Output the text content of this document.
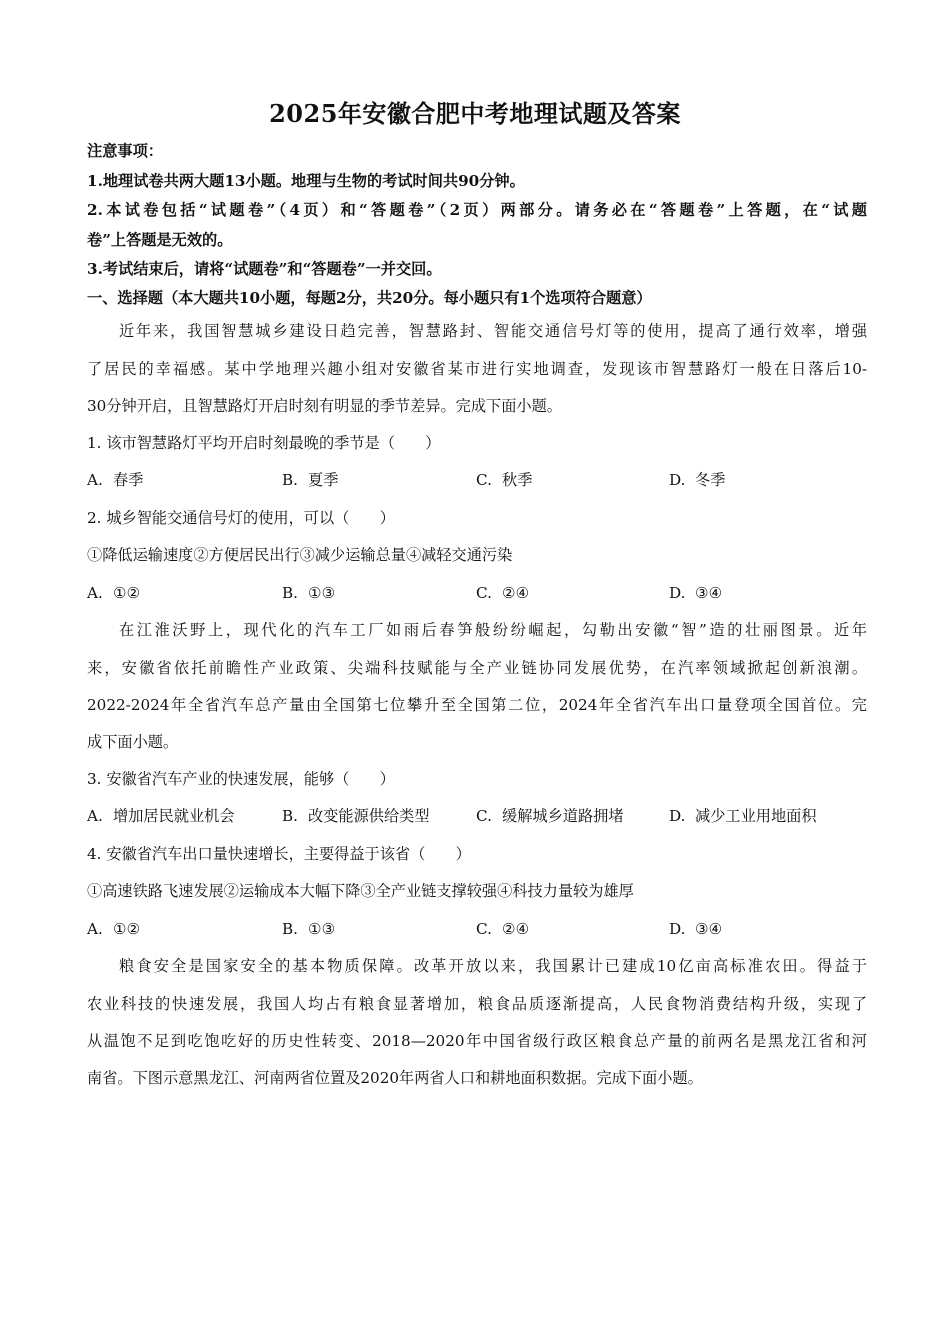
2025年安徽合肥中考地理试题及答案
注意事项：
1.地理试卷共两大题13小题。地理与生物的考试时间共90分钟。
2.本试卷包括“试题卷”（4页）和“答题卷”（2页）两部分。请务必在“答题卷”上答题，在“试题
卷”上答题是无效的。
3.考试结束后，请将“试题卷”和“答题卷”一并交回。
一、选择题（本大题共10小题，每题2分，共20分。每小题只有1个选项符合题意）
近年来，我国智慧城乡建设日趋完善，智慧路封、智能交通信号灯等的使用，提高了通行效率，增强
了居民的幸福感。某中学地理兴趣小组对安徽省某市进行实地调查，发现该市智慧路灯一般在日落后10-
30分钟开启，且智慧路灯开启时刻有明显的季节差异。完成下面小题。
1. 该市智慧路灯平均开启时刻最晚的季节是（　　）
A. 春季	B. 夏季	C. 秋季	D. 冬季
2. 城乡智能交通信号灯的使用，可以（　　）
①降低运输速度②方便居民出行③减少运输总量④减轻交通污染
A. ①②	B. ①③	C. ②④	D. ③④
在江淮沃野上，现代化的汽车工厂如雨后春笋般纷纷崛起，勾勒出安徽“智”造的壮丽图景。近年
来，安徽省依托前瞻性产业政策、尖端科技赋能与全产业链协同发展优势，在汽率领域掀起创新浪潮。
2022-2024年全省汽车总产量由全国第七位攀升至全国第二位，2024年全省汽车出口量登项全国首位。完
成下面小题。
3. 安徽省汽车产业的快速发展，能够（　　）
A. 增加居民就业机会	B. 改变能源供给类型	C. 缓解城乡道路拥堵	D. 减少工业用地面积
4. 安徽省汽车出口量快速增长，主要得益于该省（　　）
①高速铁路飞速发展②运输成本大幅下降③全产业链支撑较强④科技力量较为雄厚
A. ①②	B. ①③	C. ②④	D. ③④
粮食安全是国家安全的基本物质保障。改革开放以来，我国累计已建成10亿亩高标准农田。得益于
农业科技的快速发展，我国人均占有粮食显著增加，粮食品质逐渐提高，人民食物消费结构升级，实现了
从温饱不足到吃饱吃好的历史性转变、2018—2020年中国省级行政区粮食总产量的前两名是黑龙江省和河
南省。下图示意黑龙江、河南两省位置及2020年两省人口和耕地面积数据。完成下面小题。
